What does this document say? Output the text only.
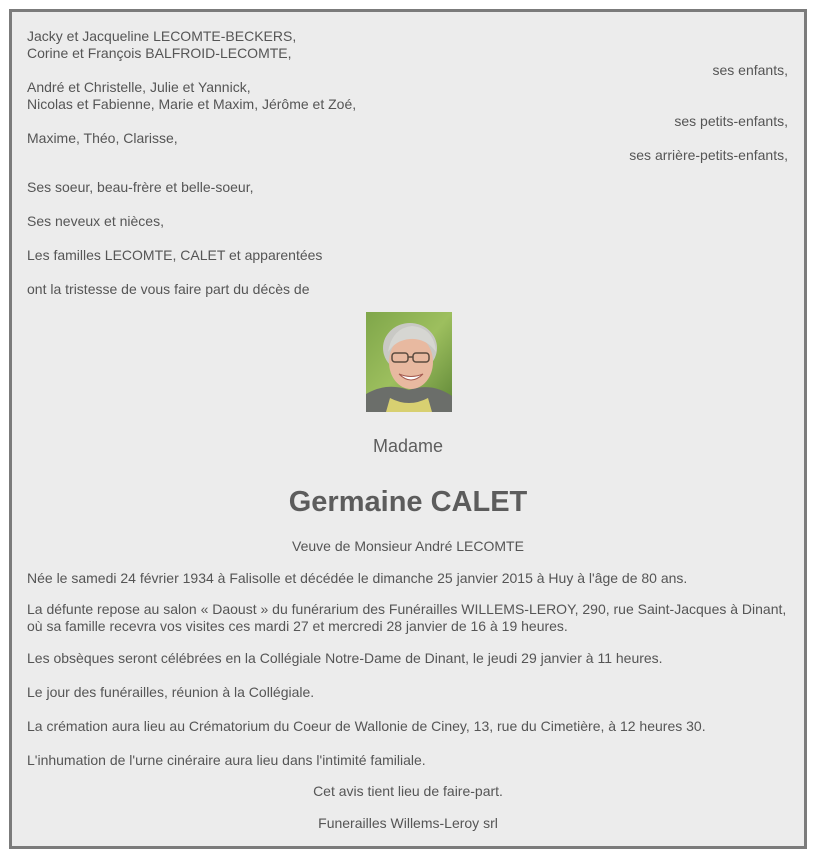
Jacky et Jacqueline LECOMTE-BECKERS,
Corine et François BALFROID-LECOMTE,
ses enfants,
André et Christelle, Julie et Yannick,
Nicolas et Fabienne, Marie et Maxim, Jérôme et Zoé,
ses petits-enfants,
Maxime, Théo, Clarisse,
ses arrière-petits-enfants,
Ses soeur, beau-frère et belle-soeur,
Ses neveux et nièces,
Les familles LECOMTE, CALET et apparentées
ont la tristesse de vous faire part du décès de
Madame
Germaine CALET
Veuve de Monsieur André LECOMTE
Née le samedi 24 février 1934 à Falisolle et décédée le dimanche 25 janvier 2015 à Huy à l'âge de 80 ans.
La défunte repose au salon « Daoust » du funérarium des Funérailles WILLEMS-LEROY, 290, rue Saint-Jacques à Dinant, où sa famille recevra vos visites ces mardi 27 et mercredi 28 janvier de 16 à 19 heures.
Les obsèques seront célébrées en la Collégiale Notre-Dame de Dinant, le jeudi 29 janvier à 11 heures.
Le jour des funérailles, réunion à la Collégiale.
La crémation aura lieu au Crématorium du Coeur de Wallonie de Ciney, 13, rue du Cimetière, à 12 heures 30.
L'inhumation de l'urne cinéraire aura lieu dans l'intimité familiale.
Cet avis tient lieu de faire-part.
Funerailles Willems-Leroy srl
